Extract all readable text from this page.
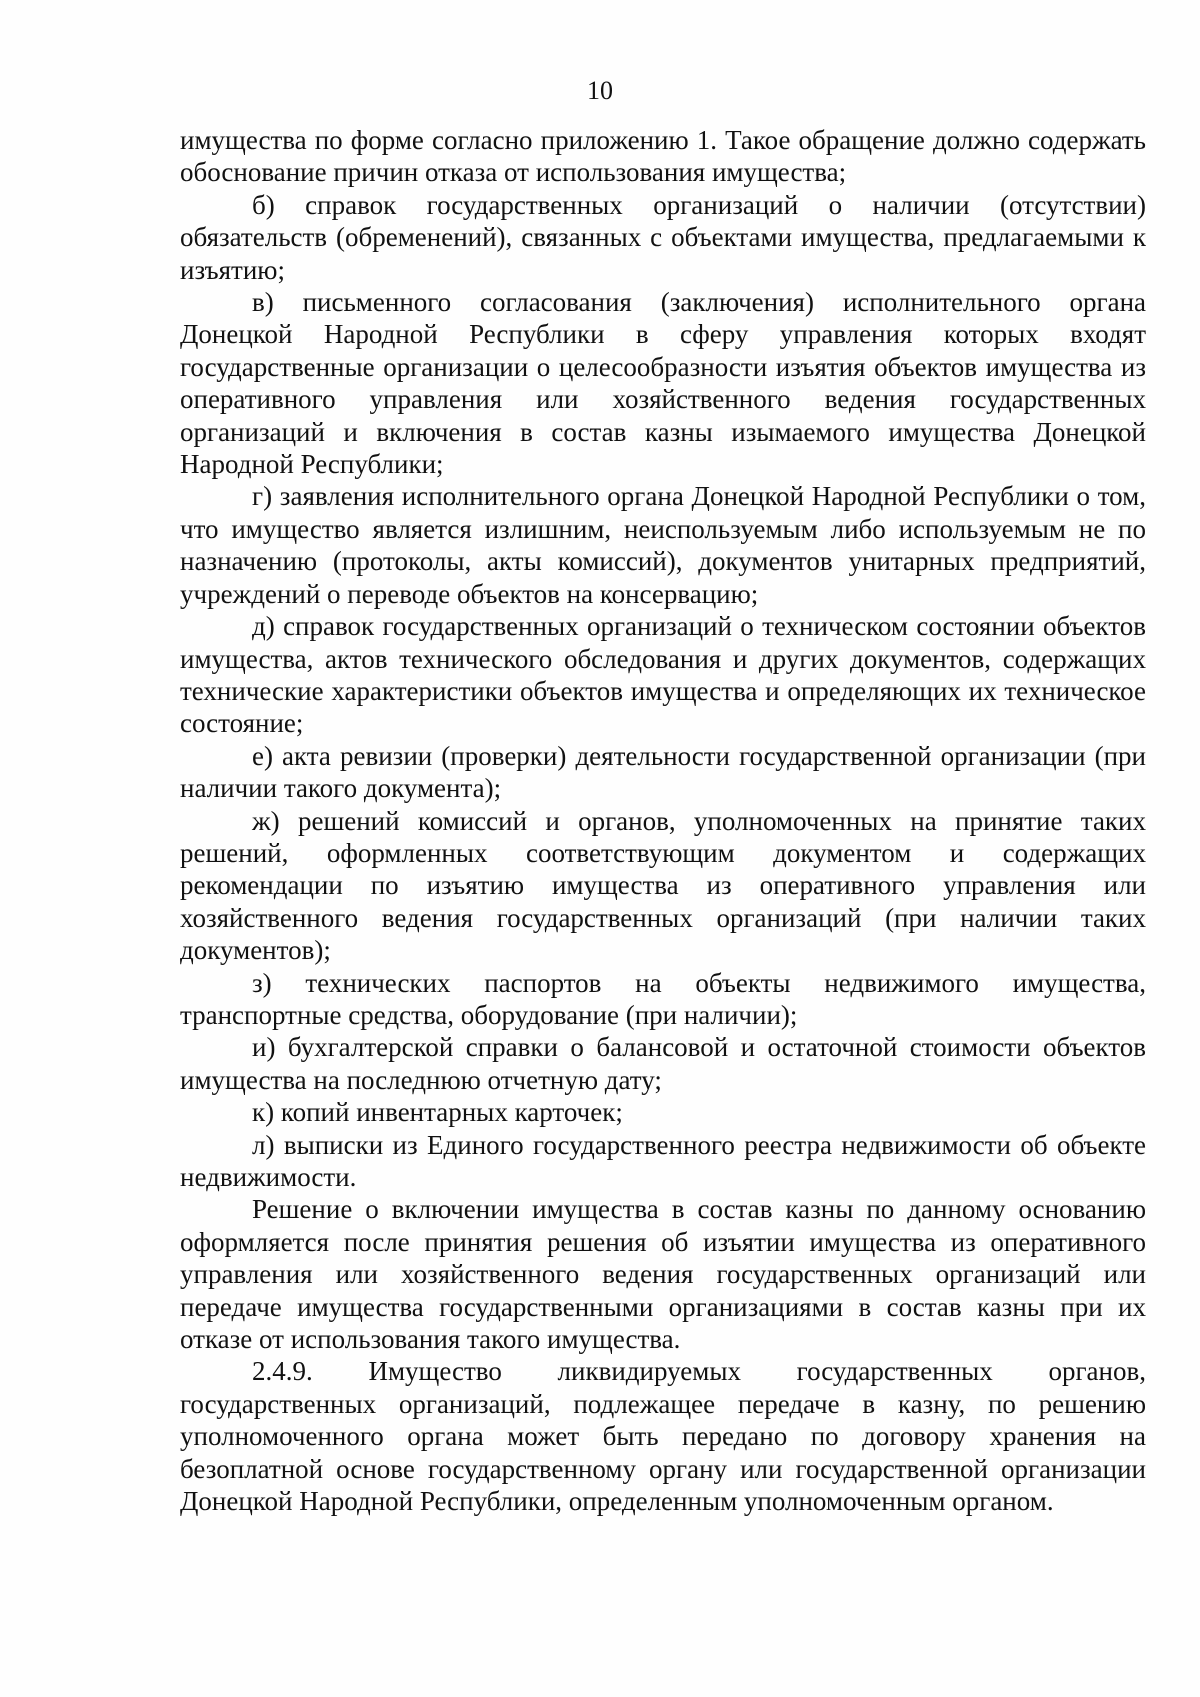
10

имущества по форме согласно приложению 1. Такое обращение должно содержать обоснование причин отказа от использования имущества;

б) справок государственных организаций о наличии (отсутствии) обязательств (обременений), связанных с объектами имущества, предлагаемыми к изъятию;

в) письменного согласования (заключения) исполнительного органа Донецкой Народной Республики в сферу управления которых входят государственные организации о целесообразности изъятия объектов имущества из оперативного управления или хозяйственного ведения государственных организаций и включения в состав казны изымаемого имущества Донецкой Народной Республики;

г) заявления исполнительного органа Донецкой Народной Республики о том, что имущество является излишним, неиспользуемым либо используемым не по назначению (протоколы, акты комиссий), документов унитарных предприятий, учреждений о переводе объектов на консервацию;

д) справок государственных организаций о техническом состоянии объектов имущества, актов технического обследования и других документов, содержащих технические характеристики объектов имущества и определяющих их техническое состояние;

е) акта ревизии (проверки) деятельности государственной организации (при наличии такого документа);

ж) решений комиссий и органов, уполномоченных на принятие таких решений, оформленных соответствующим документом и содержащих рекомендации по изъятию имущества из оперативного управления или хозяйственного ведения государственных организаций (при наличии таких документов);

з) технических паспортов на объекты недвижимого имущества, транспортные средства, оборудование (при наличии);

и) бухгалтерской справки о балансовой и остаточной стоимости объектов имущества на последнюю отчетную дату;

к) копий инвентарных карточек;

л) выписки из Единого государственного реестра недвижимости об объекте недвижимости.

Решение о включении имущества в состав казны по данному основанию оформляется после принятия решения об изъятии имущества из оперативного управления или хозяйственного ведения государственных организаций или передаче имущества государственными организациями в состав казны при их отказе от использования такого имущества.

2.4.9. Имущество ликвидируемых государственных органов, государственных организаций, подлежащее передаче в казну, по решению уполномоченного органа может быть передано по договору хранения на безоплатной основе государственному органу или государственной организации Донецкой Народной Республики, определенным уполномоченным органом.
